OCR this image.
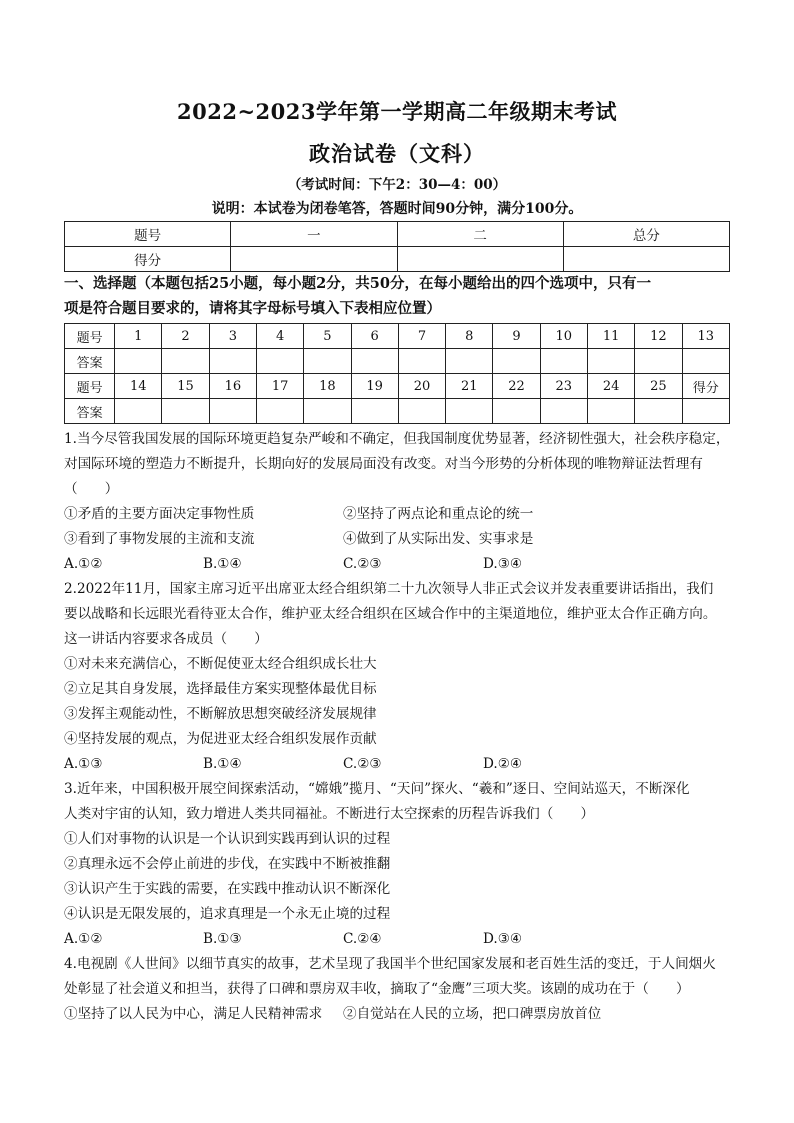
2022~2023学年第一学期高二年级期末考试
政治试卷（文科）
（考试时间：下午2：30—4：00）
说明：本试卷为闭卷笔答，答题时间90分钟，满分100分。
题号	一	二	总分
得分			
一、选择题（本题包括25小题，每小题2分，共50分，在每小题给出的四个选项中，只有一
项是符合题目要求的，请将其字母标号填入下表相应位置）
题号	1	2	3	4	5	6	7	8	9	10	11	12	13
答案													
题号	14	15	16	17	18	19	20	21	22	23	24	25	得分
答案													
1.当今尽管我国发展的国际环境更趋复杂严峻和不确定，但我国制度优势显著，经济韧性强大，社会秩序稳定，
对国际环境的塑造力不断提升，长期向好的发展局面没有改变。对当今形势的分析体现的唯物辩证法哲理有
（　　）
①矛盾的主要方面决定事物性质	②坚持了两点论和重点论的统一
③看到了事物发展的主流和支流	④做到了从实际出发、实事求是
A.①②	B.①④	C.②③	D.③④
2.2022年11月，国家主席习近平出席亚太经合组织第二十九次领导人非正式会议并发表重要讲话指出，我们
要以战略和长远眼光看待亚太合作，维护亚太经合组织在区域合作中的主渠道地位，维护亚太合作正确方向。
这一讲话内容要求各成员（　　）
①对未来充满信心，不断促使亚太经合组织成长壮大
②立足其自身发展，选择最佳方案实现整体最优目标
③发挥主观能动性，不断解放思想突破经济发展规律
④坚持发展的观点，为促进亚太经合组织发展作贡献
A.①③	B.①④	C.②③	D.②④
3.近年来，中国积极开展空间探索活动，“嫦娥”揽月、“天问”探火、“羲和”逐日、空间站巡天，不断深化
人类对宇宙的认知，致力增进人类共同福祉。不断进行太空探索的历程告诉我们（　　）
①人们对事物的认识是一个认识到实践再到认识的过程
②真理永远不会停止前进的步伐，在实践中不断被推翻
③认识产生于实践的需要，在实践中推动认识不断深化
④认识是无限发展的，追求真理是一个永无止境的过程
A.①②	B.①③	C.②④	D.③④
4.电视剧《人世间》以细节真实的故事，艺术呈现了我国半个世纪国家发展和老百姓生活的变迁，于人间烟火
处彰显了社会道义和担当，获得了口碑和票房双丰收，摘取了“金鹰”三项大奖。该剧的成功在于（　　）
①坚持了以人民为中心，满足人民精神需求 ②自觉站在人民的立场，把口碑票房放首位
